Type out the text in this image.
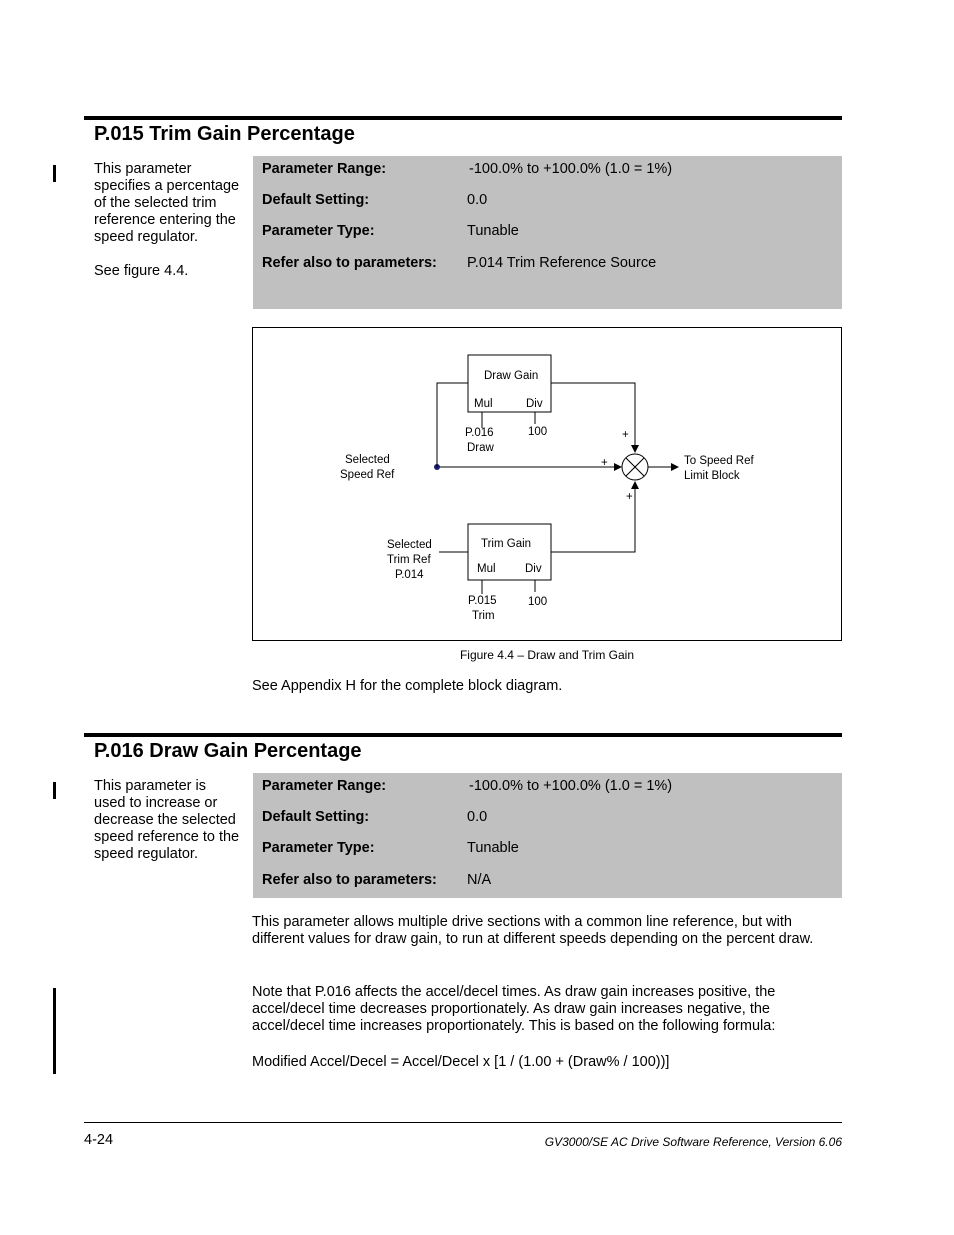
P.015 Trim Gain Percentage
This parameter specifies a percentage of the selected trim reference entering the speed regulator.
See figure 4.4.
Parameter Range:	-100.0% to +100.0% (1.0 = 1%)
Default Setting:	0.0
Parameter Type:	Tunable
Refer also to parameters: P.014 Trim Reference Source
Draw Gain
Mul	Div
P.016
Draw
100
Trim Gain
Mul	Div
P.015
Trim
100
Selected
Speed Ref
Selected
Trim Ref
P.014
To Speed Ref
Limit Block
+
+
+
Figure 4.4 – Draw and Trim Gain
See Appendix H for the complete block diagram.
P.016 Draw Gain Percentage
This parameter is used to increase or decrease the selected speed reference to the speed regulator.
Parameter Range:	-100.0% to +100.0% (1.0 = 1%)
Default Setting:	0.0
Parameter Type:	Tunable
Refer also to parameters: N/A
This parameter allows multiple drive sections with a common line reference, but with different values for draw gain, to run at different speeds depending on the percent draw.
Note that P.016 affects the accel/decel times. As draw gain increases positive, the accel/decel time decreases proportionately. As draw gain increases negative, the accel/decel time increases proportionately. This is based on the following formula:
Modified Accel/Decel = Accel/Decel x [1 / (1.00 + (Draw% / 100))]
4-24	GV3000/SE AC Drive Software Reference, Version 6.06
